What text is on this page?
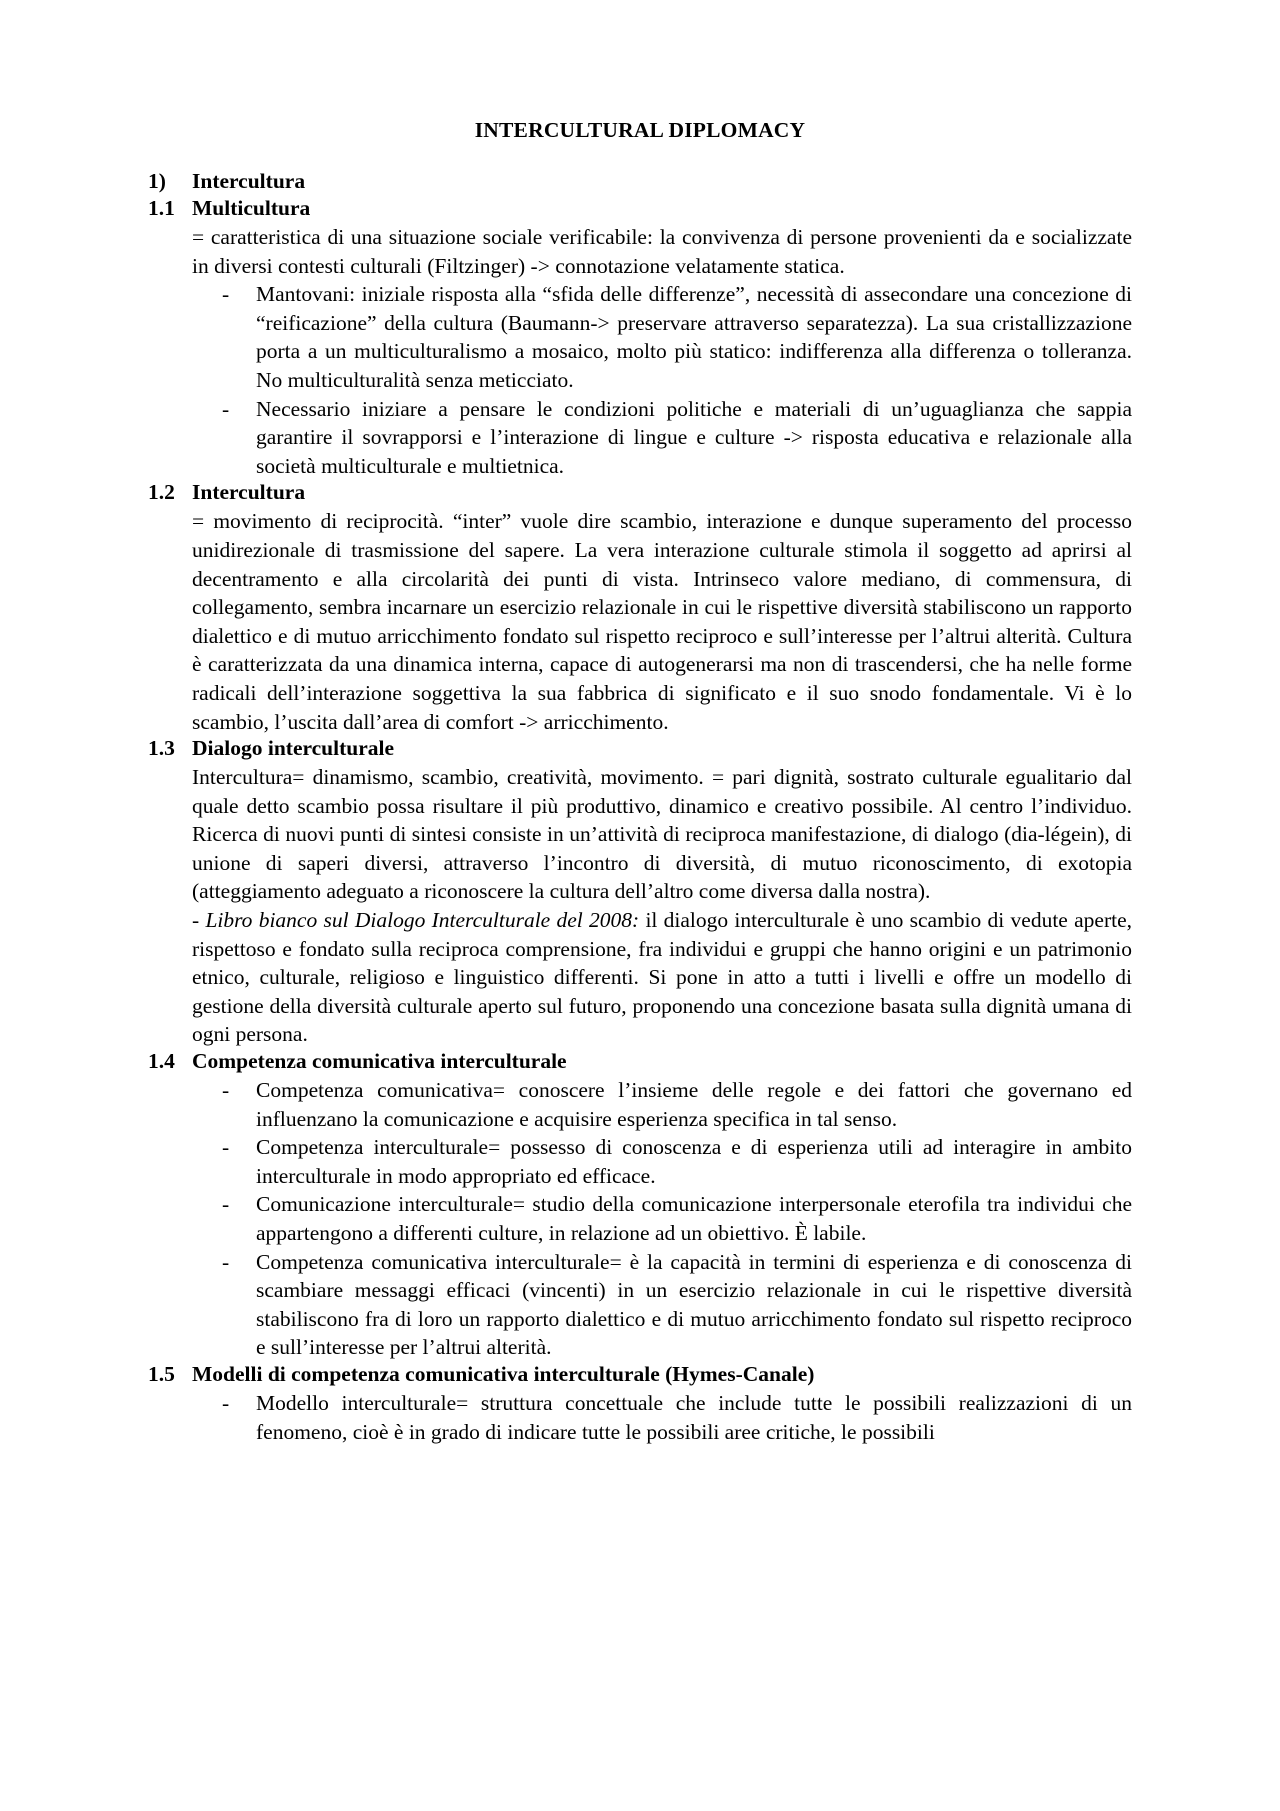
INTERCULTURAL DIPLOMACY
1)	Intercultura
1.1 Multicultura

= caratteristica di una situazione sociale verificabile: la convivenza di persone provenienti da e socializzate in diversi contesti culturali (Filtzinger) -> connotazione velatamente statica.

-	Mantovani: iniziale risposta alla “sfida delle differenze”, necessità di assecondare una concezione di “reificazione” della cultura (Baumann-> preservare attraverso separatezza). La sua cristallizzazione porta a un multiculturalismo a mosaico, molto più statico: indifferenza alla differenza o tolleranza. No multiculturalità senza meticciato.
-	Necessario iniziare a pensare le condizioni politiche e materiali di un’uguaglianza che sappia garantire il sovrapporsi e l’interazione di lingue e culture -> risposta educativa e relazionale alla società multiculturale e multietnica.
1.2 Intercultura

= movimento di reciprocità. “inter” vuole dire scambio, interazione e dunque superamento del processo unidirezionale di trasmissione del sapere. La vera interazione culturale stimola il soggetto ad aprirsi al decentramento e alla circolarità dei punti di vista. Intrinseco valore mediano, di commensura, di collegamento, sembra incarnare un esercizio relazionale in cui le rispettive diversità stabiliscono un rapporto dialettico e di mutuo arricchimento fondato sul rispetto reciproco e sull’interesse per l’altrui alterità. Cultura è caratterizzata da una dinamica interna, capace di autogenerarsi ma non di trascendersi, che ha nelle forme radicali dell’interazione soggettiva la sua fabbrica di significato e il suo snodo fondamentale. Vi è lo scambio, l’uscita dall’area di comfort -> arricchimento.

1.3 Dialogo interculturale

Intercultura= dinamismo, scambio, creatività, movimento. = pari dignità, sostrato culturale egualitario dal quale detto scambio possa risultare il più produttivo, dinamico e creativo possibile. Al centro l’individuo. Ricerca di nuovi punti di sintesi consiste in un’attività di reciproca manifestazione, di dialogo (dia-légein), di unione di saperi diversi, attraverso l’incontro di diversità, di mutuo riconoscimento, di exotopia (atteggiamento adeguato a riconoscere la cultura dell’altro come diversa dalla nostra).

- Libro bianco sul Dialogo Interculturale del 2008: il dialogo interculturale è uno scambio di vedute aperte, rispettoso e fondato sulla reciproca comprensione, fra individui e gruppi che hanno origini e un patrimonio etnico, culturale, religioso e linguistico differenti. Si pone in atto a tutti i livelli e offre un modello di gestione della diversità culturale aperto sul futuro, proponendo una concezione basata sulla dignità umana di ogni persona.

1.4 Competenza comunicativa interculturale
-	Competenza comunicativa= conoscere l’insieme delle regole e dei fattori che governano ed influenzano la comunicazione e acquisire esperienza specifica in tal senso.
-	Competenza interculturale= possesso di conoscenza e di esperienza utili ad interagire in ambito interculturale in modo appropriato ed efficace.
-	Comunicazione interculturale= studio della comunicazione interpersonale eterofila tra individui che appartengono a differenti culture, in relazione ad un obiettivo. È labile.
-	Competenza comunicativa interculturale= è la capacità in termini di esperienza e di conoscenza di scambiare messaggi efficaci (vincenti) in un esercizio relazionale in cui le rispettive diversità stabiliscono fra di loro un rapporto dialettico e di mutuo arricchimento fondato sul rispetto reciproco e sull’interesse per l’altrui alterità.
1.5 Modelli di competenza comunicativa interculturale (Hymes-Canale)
-	Modello interculturale= struttura concettuale che include tutte le possibili realizzazioni di un fenomeno, cioè è in grado di indicare tutte le possibili aree critiche, le possibili
